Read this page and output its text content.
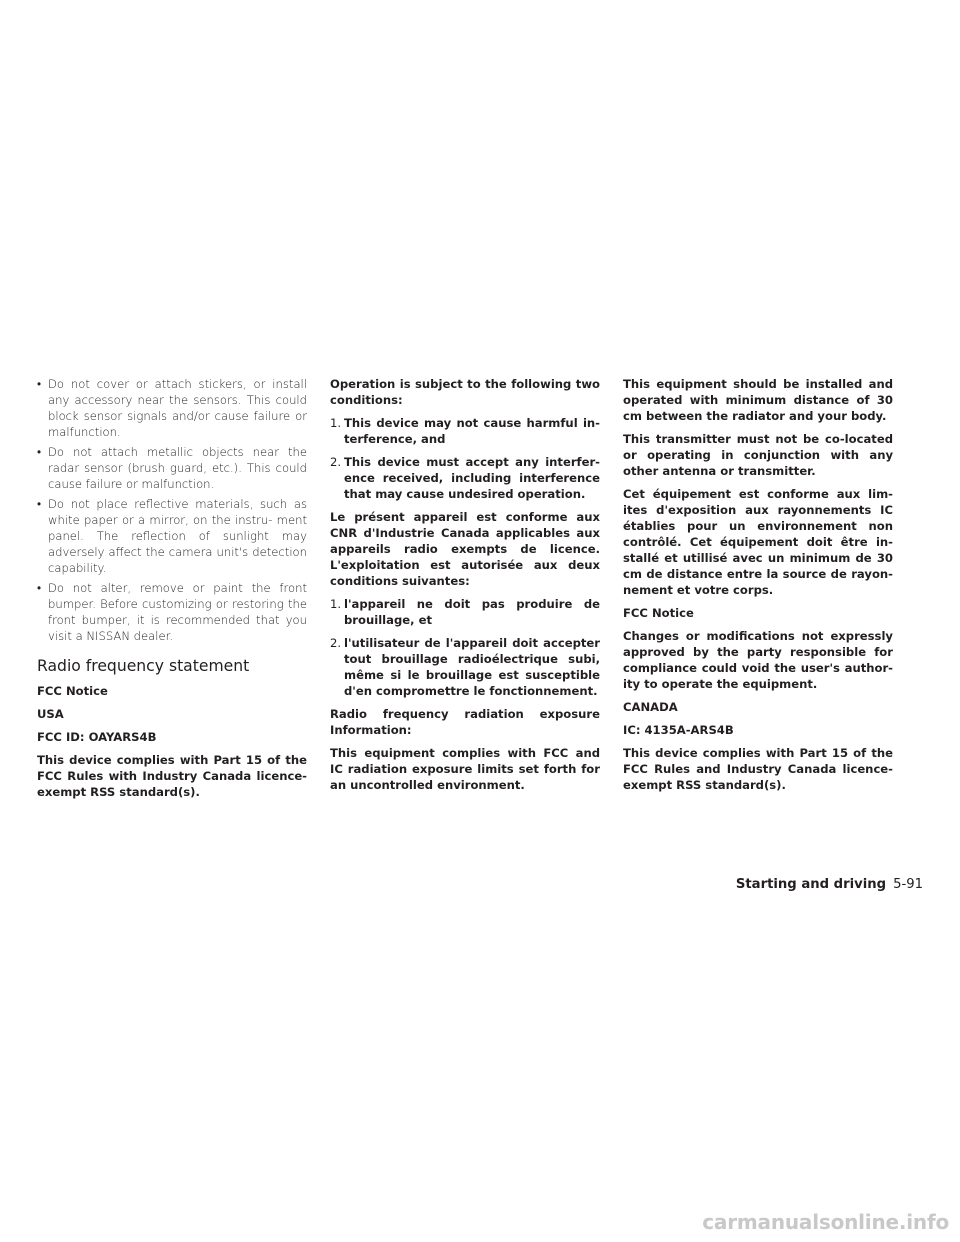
• Do not cover or attach stickers, or install any accessory near the sensors. This could block sensor signals and/or cause failure or malfunction.
• Do not attach metallic objects near the radar sensor (brush guard, etc.). This could cause failure or malfunction.
• Do not place reflective materials, such as white paper or a mirror, on the instru- ment panel. The reflection of sunlight may adversely affect the camera unit's detection capability.
• Do not alter, remove or paint the front bumper. Before customizing or restoring the front bumper, it is recommended that you visit a NISSAN dealer.
Radio frequency statement

FCC Notice

USA

FCC ID: OAYARS4B

This device complies with Part 15 of the FCC Rules with Industry Canada licence- exempt RSS standard(s).

Operation is subject to the following two conditions:

1. This device may not cause harmful in- terference, and
2. This device must accept any interfer- ence received, including interference that may cause undesired operation.

Le présent appareil est conforme aux CNR d'Industrie Canada applicables aux appareils radio exempts de licence. L'exploitation est autorisée aux deux conditions suivantes:

1. l'appareil ne doit pas produire de brouillage, et
2. l'utilisateur de l'appareil doit accepter tout brouillage radioélectrique subi, même si le brouillage est susceptible d'en compromettre le fonctionnement.

Radio frequency radiation exposure Information:

This equipment complies with FCC and IC radiation exposure limits set forth for an uncontrolled environment.

This equipment should be installed and operated with minimum distance of 30 cm between the radiator and your body.

This transmitter must not be co-located or operating in conjunction with any other antenna or transmitter.

Cet équipement est conforme aux lim- ites d'exposition aux rayonnements IC établies pour un environnement non contrôlé. Cet équipement doit être in- stallé et utillisé avec un minimum de 30 cm de distance entre la source de rayon- nement et votre corps.

FCC Notice

Changes or modifications not expressly approved by the party responsible for compliance could void the user's author- ity to operate the equipment.

CANADA

IC: 4135A-ARS4B

This device complies with Part 15 of the FCC Rules and Industry Canada licence- exempt RSS standard(s).

Starting and driving 5-91
carmanualsonline.info
